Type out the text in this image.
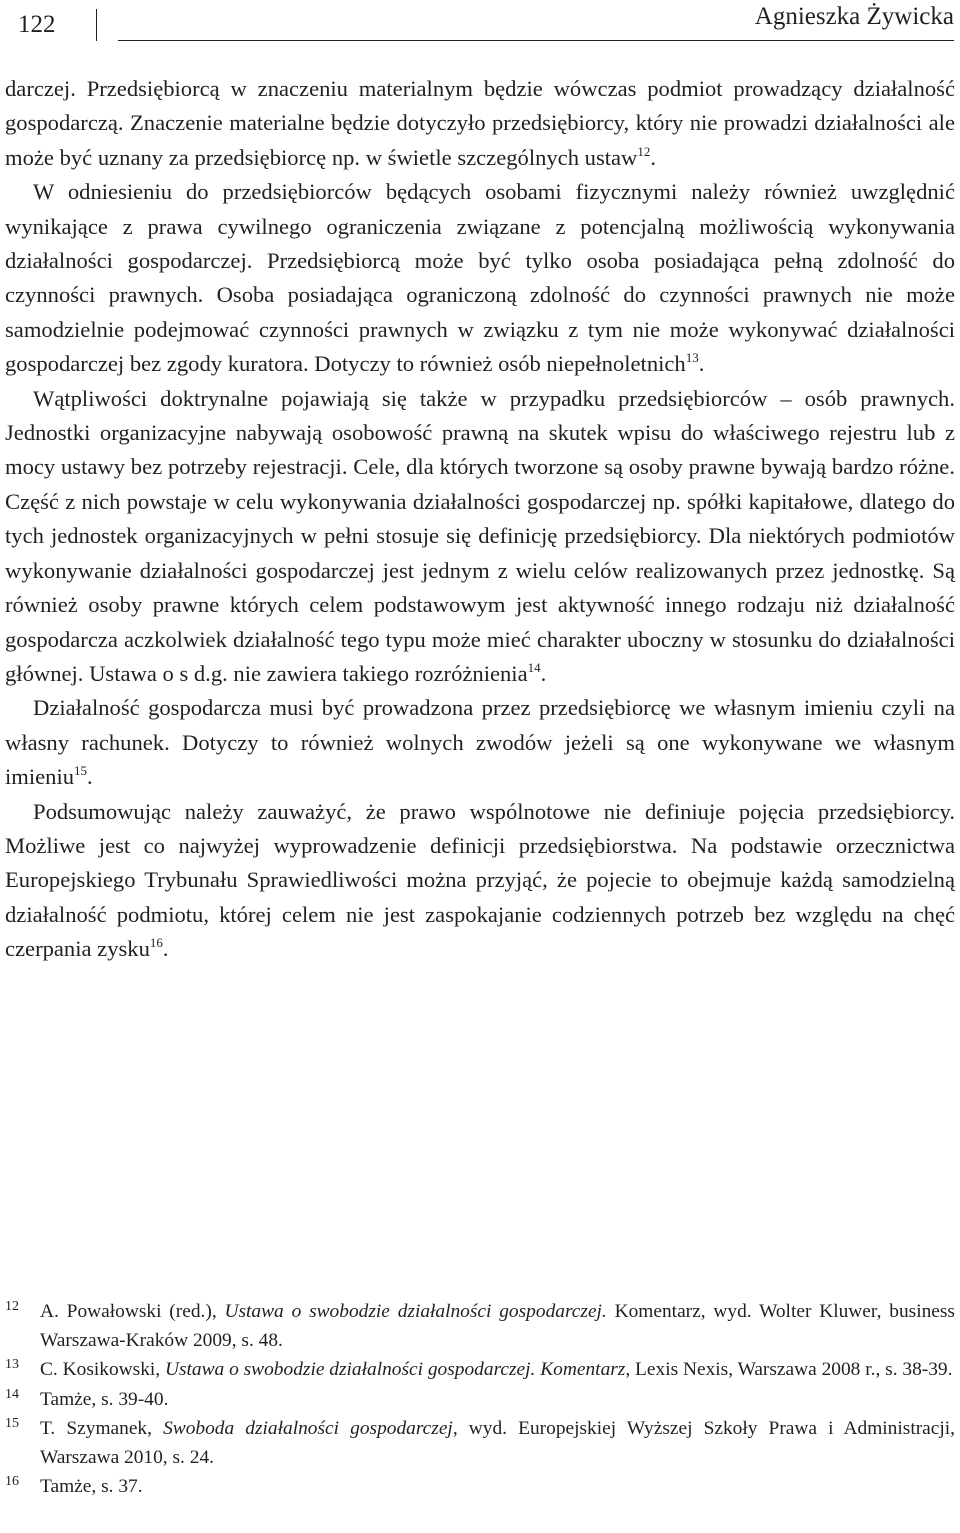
122	Agnieszka Żywicka

darczej. Przedsiębiorcą w znaczeniu materialnym będzie wówczas podmiot prowadzący działalność gospodarczą. Znaczenie materialne będzie dotyczyło przedsiębiorcy, który nie prowadzi działalności ale może być uznany za przedsiębiorcę np. w świetle szczególnych ustaw$^{12}$.

W odniesieniu do przedsiębiorców będących osobami fizycznymi należy również uwzględnić wynikające z prawa cywilnego ograniczenia związane z potencjalną możliwością wykonywania działalności gospodarczej. Przedsiębiorcą może być tylko osoba posiadająca pełną zdolność do czynności prawnych. Osoba posiadająca ograniczoną zdolność do czynności prawnych nie może samodzielnie podejmować czynności prawnych w związku z tym nie może wykonywać działalności gospodarczej bez zgody kuratora. Dotyczy to również osób niepełnoletnich$^{13}$.

Wątpliwości doktrynalne pojawiają się także w przypadku przedsiębiorców – osób prawnych. Jednostki organizacyjne nabywają osobowość prawną na skutek wpisu do właściwego rejestru lub z mocy ustawy bez potrzeby rejestracji. Cele, dla których tworzone są osoby prawne bywają bardzo różne. Część z nich powstaje w celu wykonywania działalności gospodarczej np. spółki kapitałowe, dlatego do tych jednostek organizacyjnych w pełni stosuje się definicję przedsiębiorcy. Dla niektórych podmiotów wykonywanie działalności gospodarczej jest jednym z wielu celów realizowanych przez jednostkę. Są również osoby prawne których celem podstawowym jest aktywność innego rodzaju niż działalność gospodarcza aczkolwiek działalność tego typu może mieć charakter uboczny w stosunku do działalności głównej. Ustawa o s d.g. nie zawiera takiego rozróżnienia$^{14}$.

Działalność gospodarcza musi być prowadzona przez przedsiębiorcę we własnym imieniu czyli na własny rachunek. Dotyczy to również wolnych zwodów jeżeli są one wykonywane we własnym imieniu$^{15}$.

Podsumowując należy zauważyć, że prawo wspólnotowe nie definiuje pojęcia przedsiębiorcy. Możliwe jest co najwyżej wyprowadzenie definicji przedsiębiorstwa. Na podstawie orzecznictwa Europejskiego Trybunału Sprawiedliwości można przyjąć, że pojecie to obejmuje każdą samodzielną działalność podmiotu, której celem nie jest zaspokajanie codziennych potrzeb bez względu na chęć czerpania zysku$^{16}$.

12	A. Powałowski (red.), Ustawa o swobodzie działalności gospodarczej. Komentarz, wyd. Wolter Kluwer, business Warszawa-Kraków 2009, s. 48.
13	C. Kosikowski, Ustawa o swobodzie działalności gospodarczej. Komentarz, Lexis Nexis, Warszawa 2008 r., s. 38-39.
14	Tamże, s. 39-40.
15	T. Szymanek, Swoboda działalności gospodarczej, wyd. Europejskiej Wyższej Szkoły Prawa i Administracji, Warszawa 2010, s. 24.
16	Tamże, s. 37.
